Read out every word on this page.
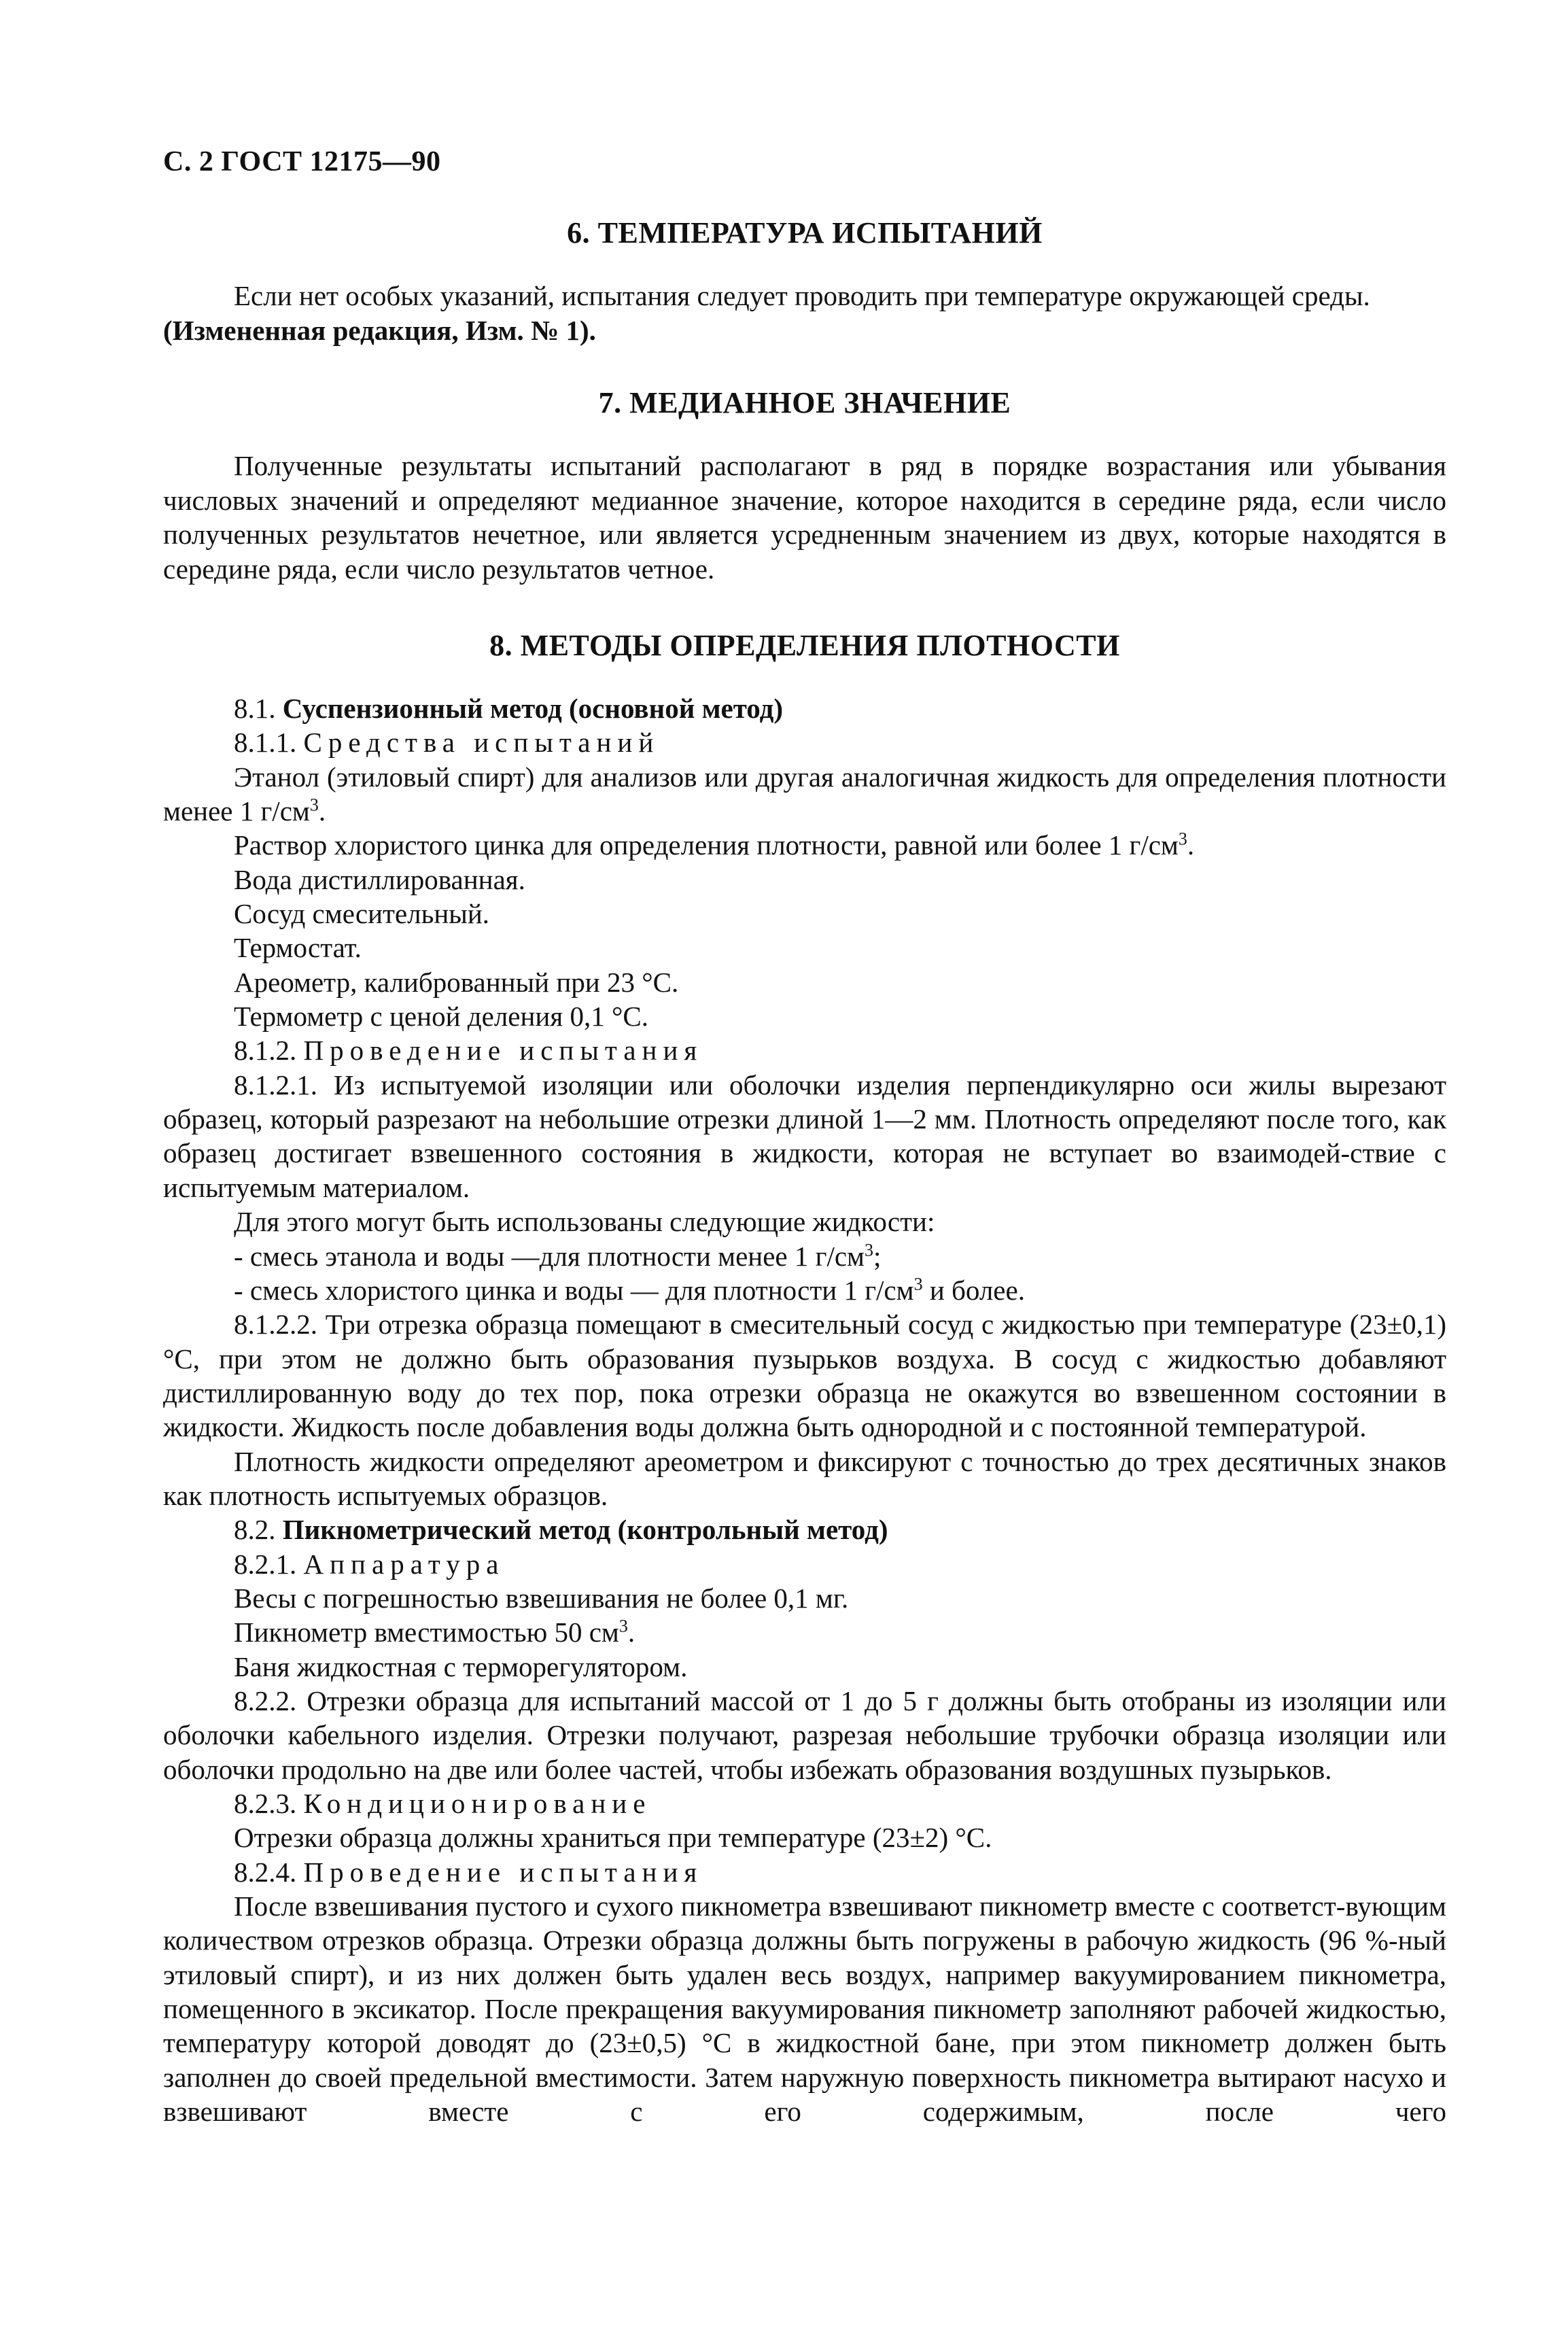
С. 2 ГОСТ 12175—90
6. ТЕМПЕРАТУРА ИСПЫТАНИЙ

Если нет особых указаний, испытания следует проводить при температуре окружающей среды.

(Измененная редакция, Изм. № 1).

7. МЕДИАННОЕ ЗНАЧЕНИЕ

Полученные результаты испытаний располагают в ряд в порядке возрастания или убывания числовых значений и определяют медианное значение, которое находится в середине ряда, если число полученных результатов нечетное, или является усредненным значением из двух, которые находятся в середине ряда, если число результатов четное.

8. МЕТОДЫ ОПРЕДЕЛЕНИЯ ПЛОТНОСТИ

8.1. Суспензионный метод (основной метод)

8.1.1. Средства испытаний

Этанол (этиловый спирт) для анализов или другая аналогичная жидкость для определения плотности менее 1 $г/см^3$.

Раствор хлористого цинка для определения плотности, равной или более 1 $г/см^3$.

Вода дистиллированная.

Сосуд смесительный.

Термостат.

Ареометр, калиброванный при 23 °С.

Термометр с ценой деления 0,1 °С.

8.1.2. Проведение испытания

8.1.2.1. Из испытуемой изоляции или оболочки изделия перпендикулярно оси жилы вырезают образец, который разрезают на небольшие отрезки длиной 1—2 мм. Плотность определяют после того, как образец достигает взвешенного состояния в жидкости, которая не вступает во взаимодей-ствие с испытуемым материалом.

Для этого могут быть использованы следующие жидкости:

- смесь этанола и воды —для плотности менее 1 $г/см^3$;

- смесь хлористого цинка и воды — для плотности 1 $г/см^3$ и более.

8.1.2.2. Три отрезка образца помещают в смесительный сосуд с жидкостью при температуре (23±0,1) °С, при этом не должно быть образования пузырьков воздуха. В сосуд с жидкостью добавляют дистиллированную воду до тех пор, пока отрезки образца не окажутся во взвешенном состоянии в жидкости. Жидкость после добавления воды должна быть однородной и с постоянной температурой.

Плотность жидкости определяют ареометром и фиксируют с точностью до трех десятичных знаков как плотность испытуемых образцов.

8.2. Пикнометрический метод (контрольный метод)

8.2.1. Аппаратура

Весы с погрешностью взвешивания не более 0,1 мг.

Пикнометр вместимостью 50 $см^3$.

Баня жидкостная с терморегулятором.

8.2.2. Отрезки образца для испытаний массой от 1 до 5 г должны быть отобраны из изоляции или оболочки кабельного изделия. Отрезки получают, разрезая небольшие трубочки образца изоляции или оболочки продольно на две или более частей, чтобы избежать образования воздушных пузырьков.

8.2.3. Кондиционирование

Отрезки образца должны храниться при температуре (23±2) °С.

8.2.4. Проведение испытания

После взвешивания пустого и сухого пикнометра взвешивают пикнометр вместе с соответст-вующим количеством отрезков образца. Отрезки образца должны быть погружены в рабочую жидкость (96 %-ный этиловый спирт), и из них должен быть удален весь воздух, например вакуумированием пикнометра, помещенного в эксикатор. После прекращения вакуумирования пикнометр заполняют рабочей жидкостью, температуру которой доводят до (23±0,5) °С в жидкостной бане, при этом пикнометр должен быть заполнен до своей предельной вместимости. Затем наружную поверхность пикнометра вытирают насухо и взвешивают вместе с его содержимым, после чего
